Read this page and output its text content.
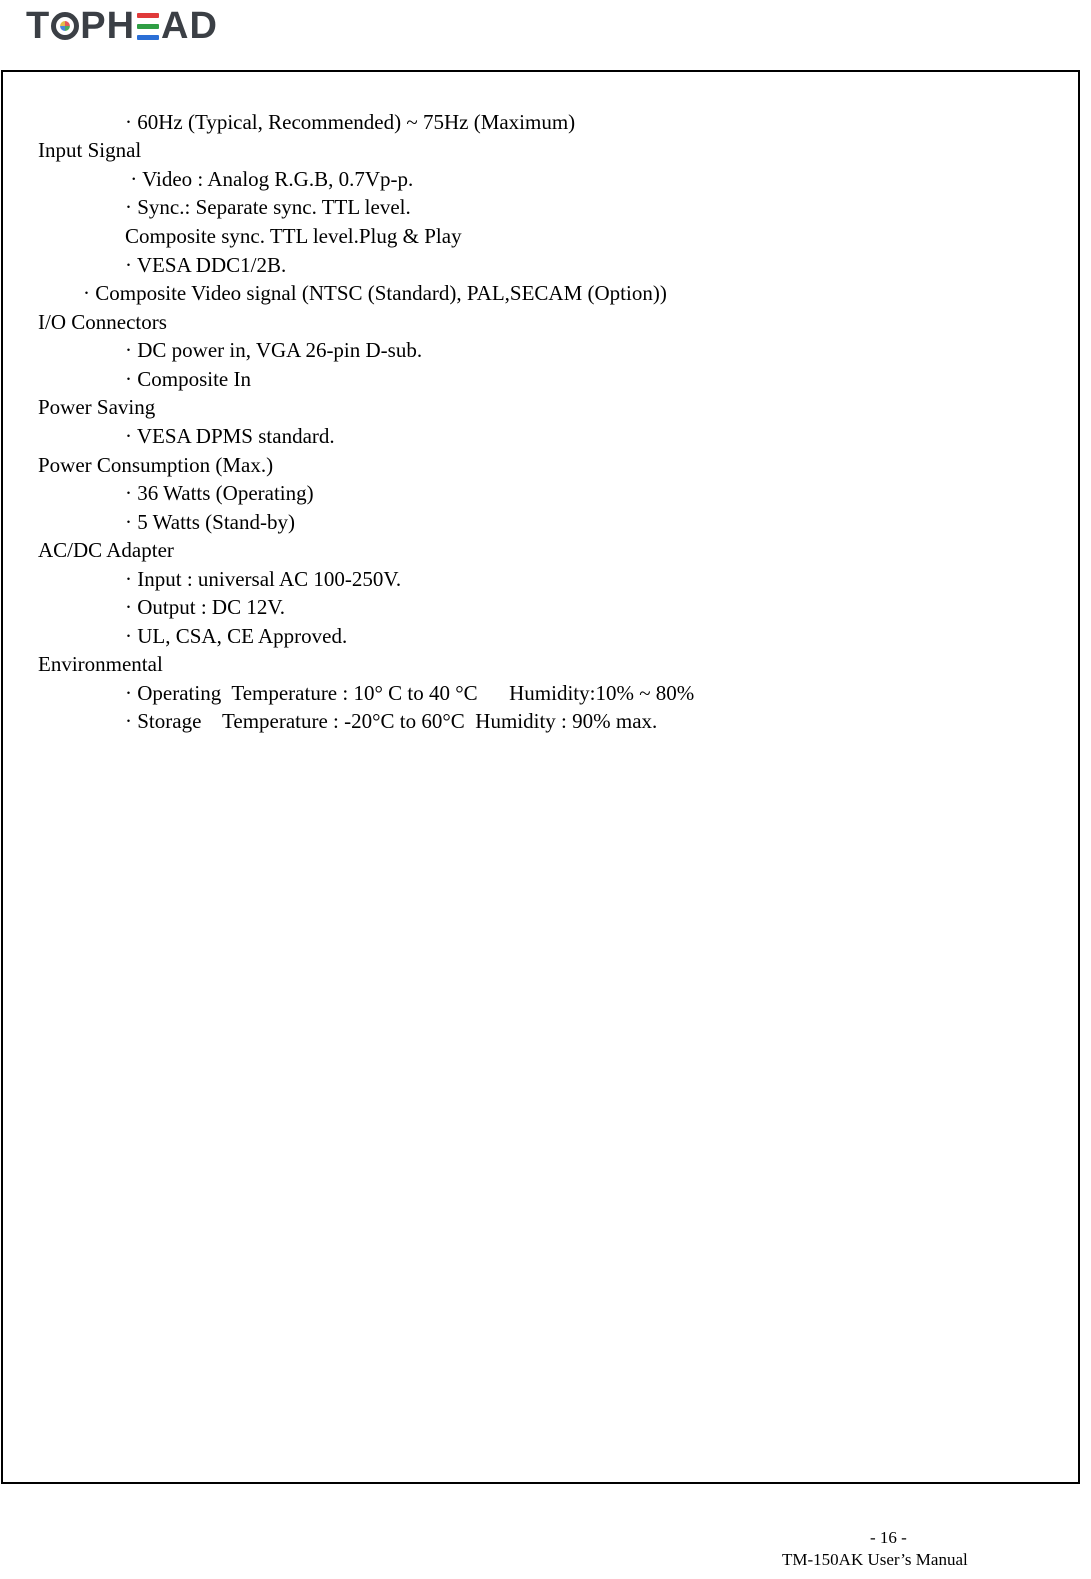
T PH AD
· 60Hz (Typical, Recommended) ~ 75Hz (Maximum)
Input Signal
· Video : Analog R.G.B, 0.7Vp-p.
· Sync.: Separate sync. TTL level.
Composite sync. TTL level.Plug & Play
· VESA DDC1/2B.
· Composite Video signal (NTSC (Standard), PAL,SECAM (Option))
I/O Connectors
· DC power in, VGA 26-pin D-sub.
· Composite In
Power Saving
· VESA DPMS standard.
Power Consumption (Max.)
· 36 Watts (Operating)
· 5 Watts (Stand-by)
AC/DC Adapter
· Input : universal AC 100-250V.
· Output : DC 12V.
· UL, CSA, CE Approved.
Environmental
· Operating  Temperature : 10° C to 40 °C      Humidity:10% ~ 80%
· Storage    Temperature : -20°C to 60°C  Humidity : 90% max.
- 16 -
TM-150AK User’s Manual
